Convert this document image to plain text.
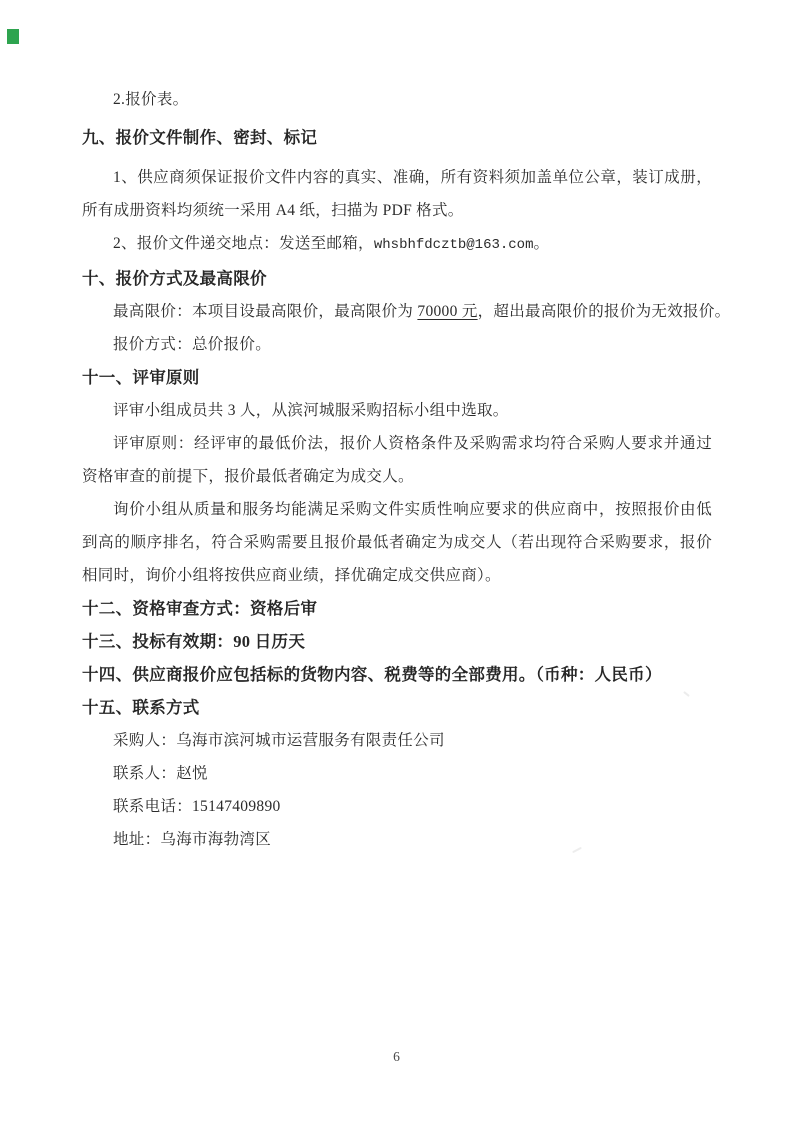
2.报价表。

九、报价文件制作、密封、标记

1、供应商须保证报价文件内容的真实、准确，所有资料须加盖单位公章，装订成册，所有成册资料均须统一采用 A4 纸，扫描为 PDF 格式。

2、报价文件递交地点：发送至邮箱，whsbhfdcztb@163.com。

十、报价方式及最高限价

最高限价：本项目设最高限价，最高限价为 70000 元，超出最高限价的报价为无效报价。

报价方式：总价报价。

十一、评审原则

评审小组成员共 3 人，从滨河城服采购招标小组中选取。

评审原则：经评审的最低价法，报价人资格条件及采购需求均符合采购人要求并通过资格审查的前提下，报价最低者确定为成交人。

询价小组从质量和服务均能满足采购文件实质性响应要求的供应商中，按照报价由低到高的顺序排名，符合采购需要且报价最低者确定为成交人（若出现符合采购要求，报价相同时，询价小组将按供应商业绩，择优确定成交供应商）。

十二、资格审查方式：资格后审

十三、投标有效期：90 日历天

十四、供应商报价应包括标的货物内容、税费等的全部费用。（币种：人民币）

十五、联系方式

采购人：乌海市滨河城市运营服务有限责任公司

联系人：赵悦

联系电话：15147409890

地址：乌海市海勃湾区

6
